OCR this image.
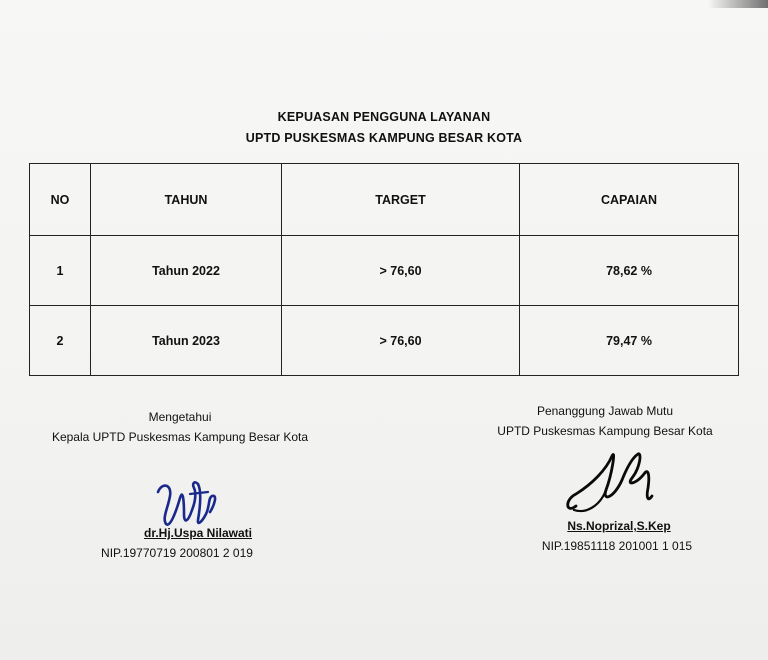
KEPUASAN PENGGUNA LAYANAN
UPTD PUSKESMAS KAMPUNG BESAR KOTA
NO	TAHUN	TARGET	CAPAIAN
1	Tahun 2022	> 76,60	78,62 %
2	Tahun 2023	> 76,60	79,47 %
Mengetahui
Kepala UPTD Puskesmas Kampung Besar Kota
dr.Hj.Uspa Nilawati
NIP.19770719 200801 2 019
Penanggung Jawab Mutu
UPTD Puskesmas Kampung Besar Kota
Ns.Noprizal,S.Kep
NIP.19851118 201001 1 015
